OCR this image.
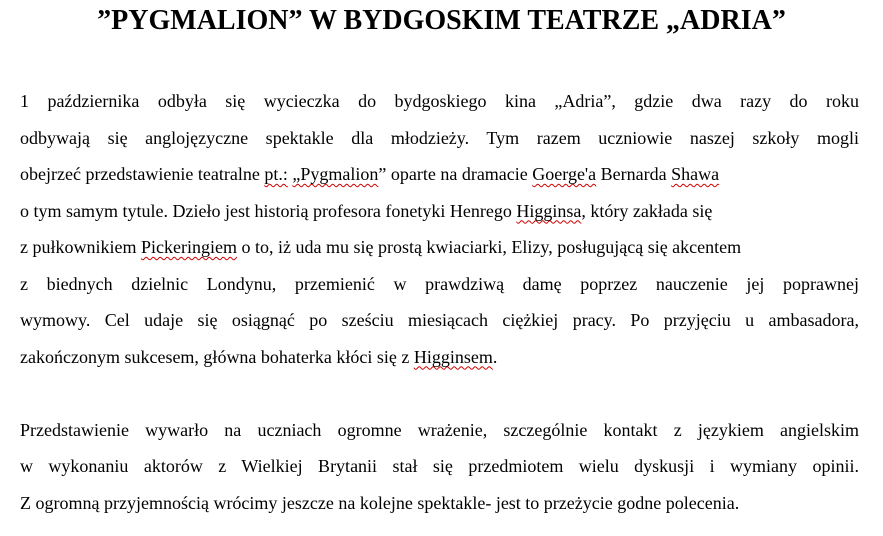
”PYGMALION” W BYDGOSKIM TEATRZE „ADRIA”
1 października odbyła się wycieczka do bydgoskiego kina „Adria”, gdzie dwa razy do roku
odbywają się anglojęzyczne spektakle dla młodzieży. Tym razem uczniowie naszej szkoły mogli
obejrzeć przedstawienie teatralne pt.: „Pygmalion” oparte na dramacie Goerge'a Bernarda Shawa
o tym samym tytule. Dzieło jest historią profesora fonetyki Henrego Higginsa, który zakłada się
z pułkownikiem Pickeringiem o to, iż uda mu się prostą kwiaciarki, Elizy, posługującą się akcentem
z biednych dzielnic Londynu, przemienić w prawdziwą damę poprzez nauczenie jej poprawnej
wymowy. Cel udaje się osiągnąć po sześciu miesiącach ciężkiej pracy. Po przyjęciu u ambasadora,
zakończonym sukcesem, główna bohaterka kłóci się z Higginsem.
Przedstawienie wywarło na uczniach ogromne wrażenie, szczególnie kontakt z językiem angielskim
w wykonaniu aktorów z Wielkiej Brytanii stał się przedmiotem wielu dyskusji i wymiany opinii.
Z ogromną przyjemnością wrócimy jeszcze na kolejne spektakle- jest to przeżycie godne polecenia.
